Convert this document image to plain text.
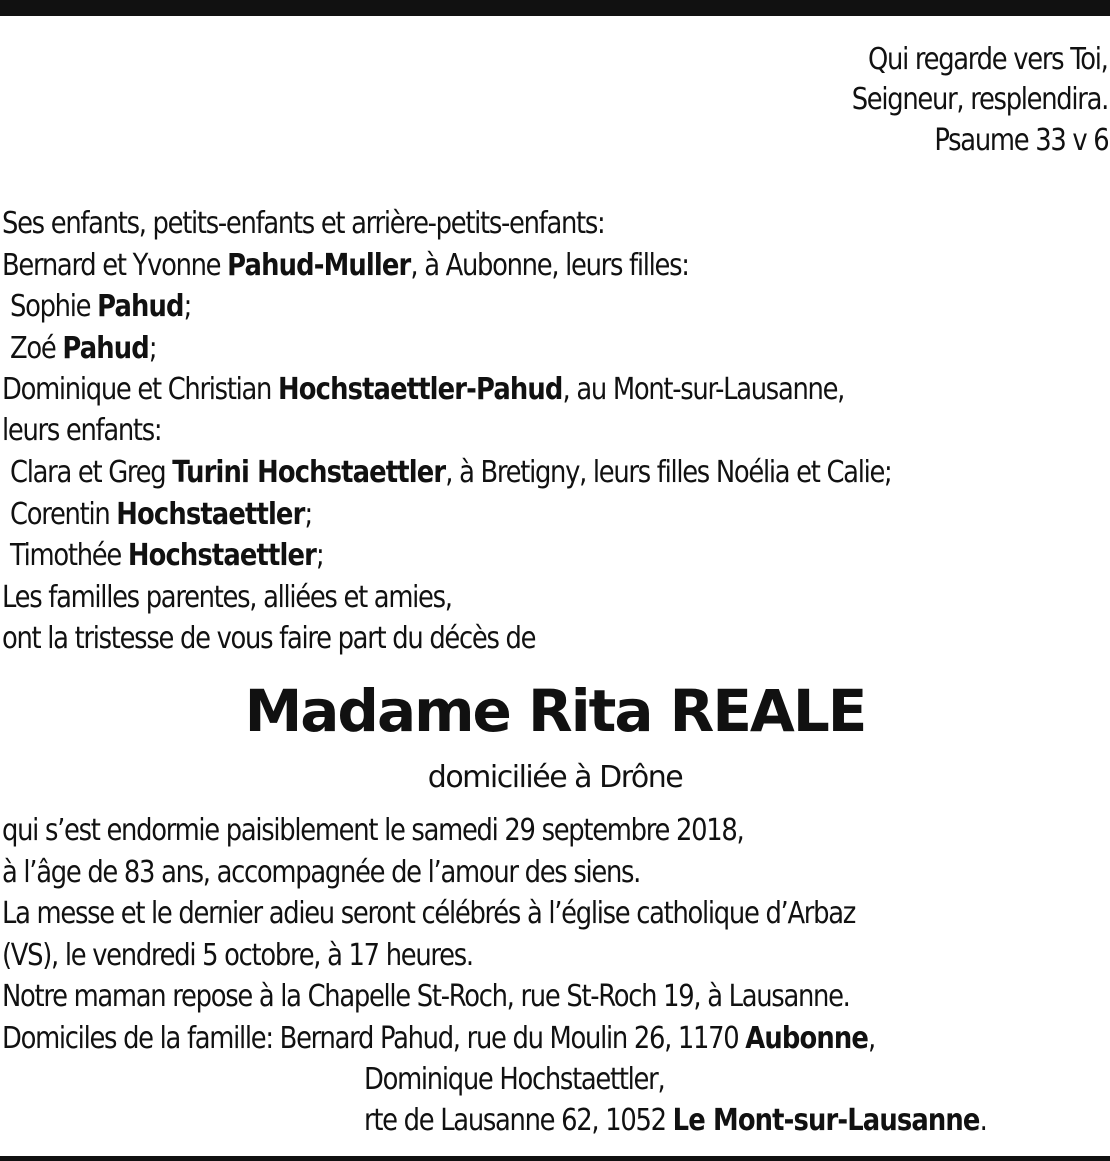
Qui regarde vers Toi,
Seigneur, resplendira.
Psaume 33 v 6
Ses enfants, petits-enfants et arrière-petits-enfants:
Bernard et Yvonne Pahud-Muller, à Aubonne, leurs filles:
Sophie Pahud;
Zoé Pahud;
Dominique et Christian Hochstaettler-Pahud, au Mont-sur-Lausanne,
leurs enfants:
Clara et Greg Turini Hochstaettler, à Bretigny, leurs filles Noélia et Calie;
Corentin Hochstaettler;
Timothée Hochstaettler;
Les familles parentes, alliées et amies,
ont la tristesse de vous faire part du décès de
Madame Rita REALE
domiciliée à Drône
qui s’est endormie paisiblement le samedi 29 septembre 2018,
à l’âge de 83 ans, accompagnée de l’amour des siens.
La messe et le dernier adieu seront célébrés à l’église catholique d’Arbaz
(VS), le vendredi 5 octobre, à 17 heures.
Notre maman repose à la Chapelle St-Roch, rue St-Roch 19, à Lausanne.
Domiciles de la famille: Bernard Pahud, rue du Moulin 26, 1170 Aubonne,
Dominique Hochstaettler,
rte de Lausanne 62, 1052 Le Mont-sur-Lausanne.
